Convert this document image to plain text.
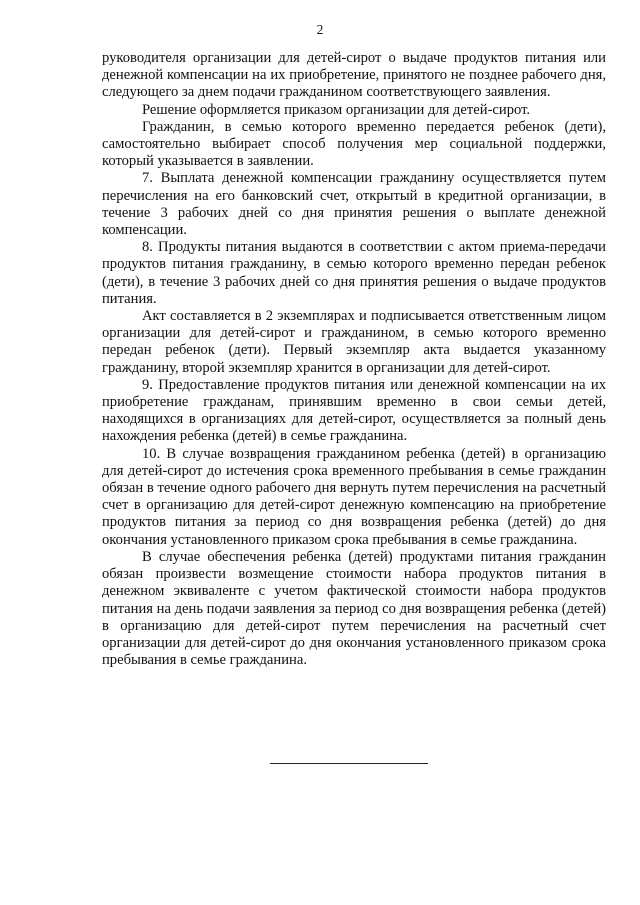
2

руководителя организации для детей-сирот о выдаче продуктов питания или денежной компенсации на их приобретение, принятого не позднее рабочего дня, следующего за днем подачи гражданином соответствующего заявления.

Решение оформляется приказом организации для детей-сирот.

Гражданин, в семью которого временно передается ребенок (дети), самостоятельно выбирает способ получения мер социальной поддержки, который указывается в заявлении.

7. Выплата денежной компенсации гражданину осуществляется путем перечисления на его банковский счет, открытый в кредитной организации, в течение 3 рабочих дней со дня принятия решения о выплате денежной компенсации.

8. Продукты питания выдаются в соответствии с актом приема-передачи продуктов питания гражданину, в семью которого временно передан ребенок (дети), в течение 3 рабочих дней со дня принятия решения о выдаче продуктов питания.

Акт составляется в 2 экземплярах и подписывается ответственным лицом организации для детей-сирот и гражданином, в семью которого временно передан ребенок (дети). Первый экземпляр акта выдается указанному гражданину, второй экземпляр хранится в организации для детей-сирот.

9. Предоставление продуктов питания или денежной компенсации на их приобретение гражданам, принявшим временно в свои семьи детей, находящихся в организациях для детей-сирот, осуществляется за полный день нахождения ребенка (детей) в семье гражданина.

10. В случае возвращения гражданином ребенка (детей) в организацию для детей-сирот до истечения срока временного пребывания в семье гражданин обязан в течение одного рабочего дня вернуть путем перечисления на расчетный счет в организацию для детей-сирот денежную компенсацию на приобретение продуктов питания за период со дня возвращения ребенка (детей) до дня окончания установленного приказом срока пребывания в семье гражданина.

В случае обеспечения ребенка (детей) продуктами питания гражданин обязан произвести возмещение стоимости набора продуктов питания в денежном эквиваленте с учетом фактической стоимости набора продуктов питания на день подачи заявления за период со дня возвращения ребенка (детей) в организацию для детей-сирот путем перечисления на расчетный счет организации для детей-сирот до дня окончания установленного приказом срока пребывания в семье гражданина.
